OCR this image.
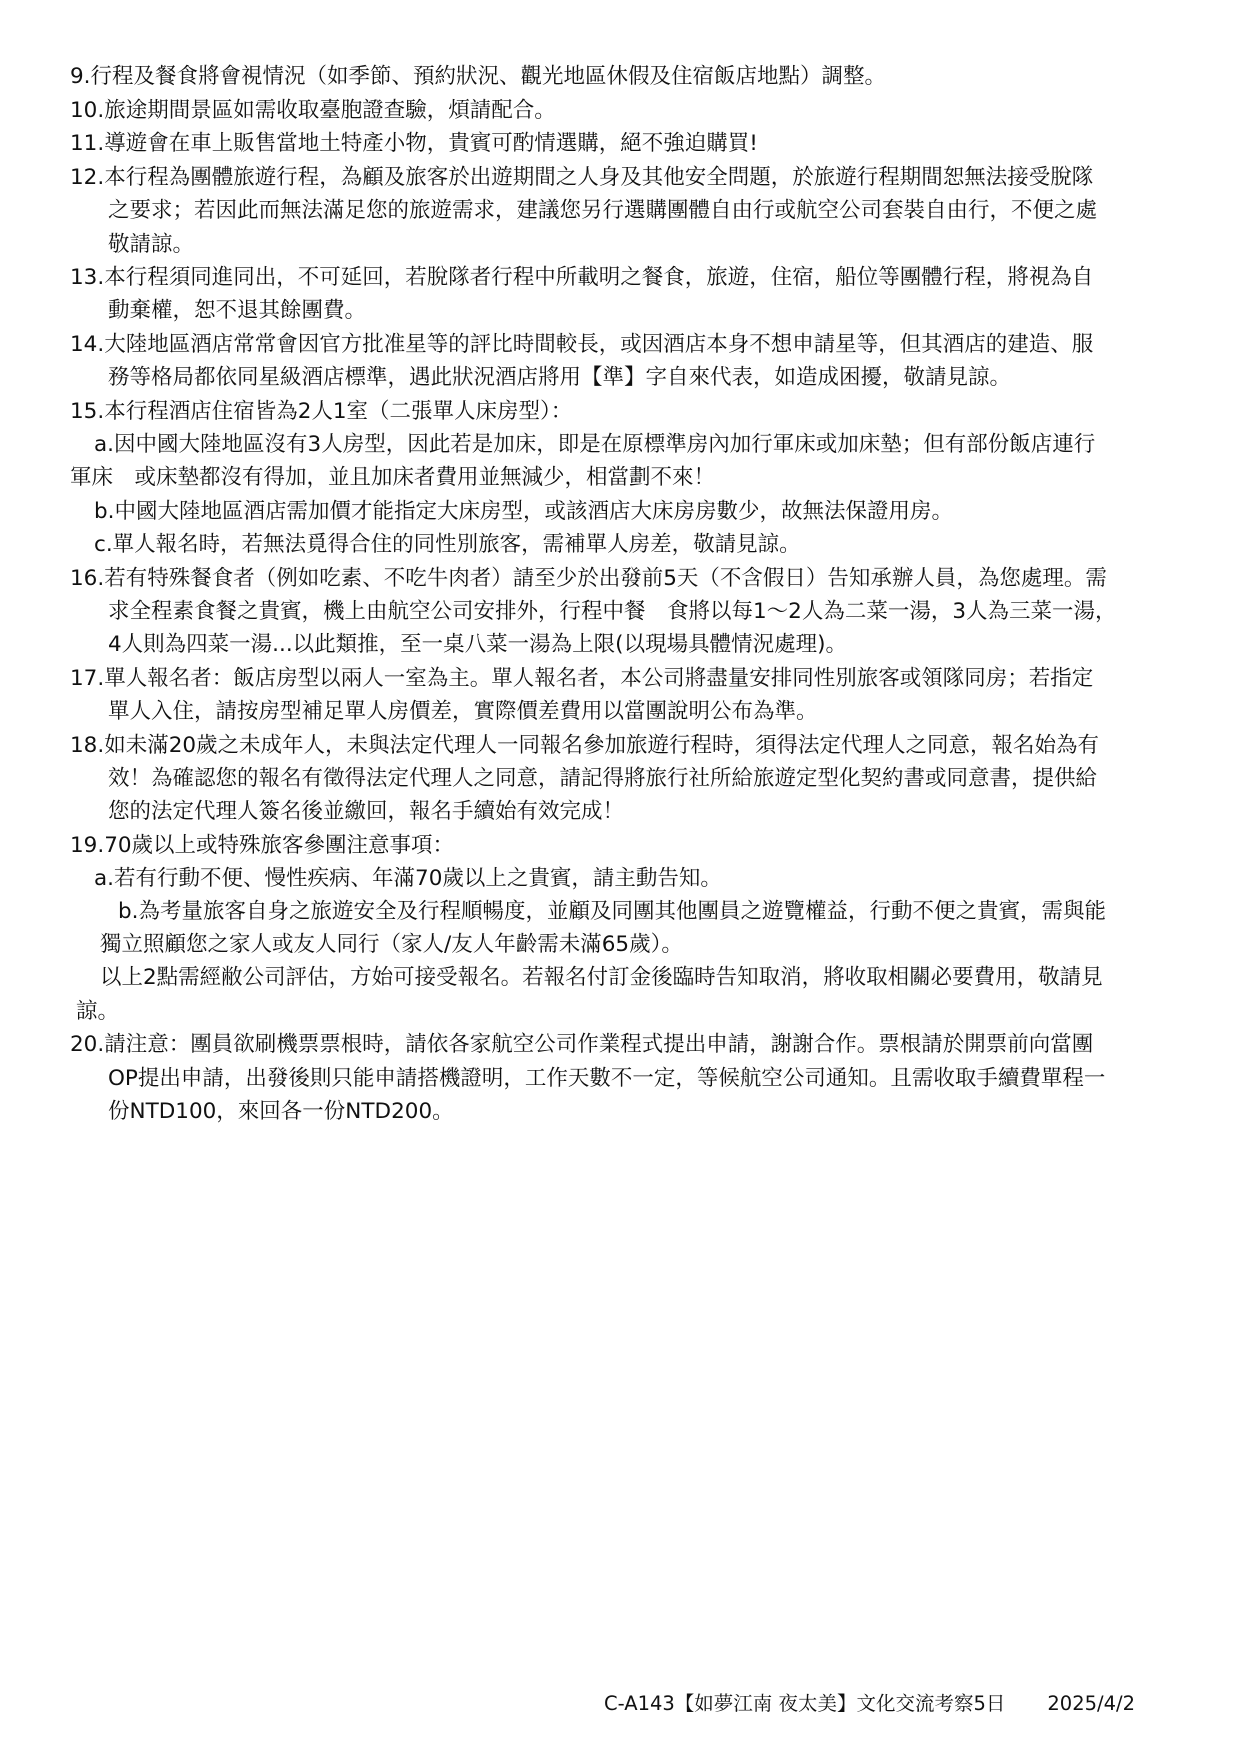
9.行程及餐食將會視情況（如季節、預約狀況、觀光地區休假及住宿飯店地點）調整。
10.旅途期間景區如需收取臺胞證查驗，煩請配合。
11.導遊會在車上販售當地土特產小物，貴賓可酌情選購，絕不強迫購買!
12.本行程為團體旅遊行程，為顧及旅客於出遊期間之人身及其他安全問題，於旅遊行程期間恕無法接受脫隊
之要求；若因此而無法滿足您的旅遊需求，建議您另行選購團體自由行或航空公司套裝自由行，不便之處
敬請諒。
13.本行程須同進同出，不可延回，若脫隊者行程中所載明之餐食，旅遊，住宿，船位等團體行程，將視為自
動棄權，恕不退其餘團費。
14.大陸地區酒店常常會因官方批准星等的評比時間較長，或因酒店本身不想申請星等，但其酒店的建造、服
務等格局都依同星級酒店標準，遇此狀況酒店將用【準】字自來代表，如造成困擾，敬請見諒。
15.本行程酒店住宿皆為2人1室（二張單人床房型）：
a.因中國大陸地區沒有3人房型，因此若是加床，即是在原標準房內加行軍床或加床墊；但有部份飯店連行
軍床　或床墊都沒有得加，並且加床者費用並無減少，相當劃不來！
b.中國大陸地區酒店需加價才能指定大床房型，或該酒店大床房房數少，故無法保證用房。
c.單人報名時，若無法覓得合住的同性別旅客，需補單人房差，敬請見諒。
16.若有特殊餐食者（例如吃素、不吃牛肉者）請至少於出發前5天（不含假日）告知承辦人員，為您處理。需
求全程素食餐之貴賓，機上由航空公司安排外，行程中餐　食將以每1～2人為二菜一湯，3人為三菜一湯，
4人則為四菜一湯...以此類推，至一桌八菜一湯為上限(以現場具體情況處理)。
17.單人報名者：飯店房型以兩人一室為主。單人報名者，本公司將盡量安排同性別旅客或領隊同房；若指定
單人入住，請按房型補足單人房價差，實際價差費用以當團說明公布為準。
18.如未滿20歲之未成年人，未與法定代理人一同報名參加旅遊行程時，須得法定代理人之同意，報名始為有
效！為確認您的報名有徵得法定代理人之同意，請記得將旅行社所給旅遊定型化契約書或同意書，提供給
您的法定代理人簽名後並繳回，報名手續始有效完成！
19.70歲以上或特殊旅客參團注意事項：
a.若有行動不便、慢性疾病、年滿70歲以上之貴賓，請主動告知。
b.為考量旅客自身之旅遊安全及行程順暢度，並顧及同團其他團員之遊覽權益，行動不便之貴賓，需與能
獨立照顧您之家人或友人同行（家人/友人年齡需未滿65歲）。
以上2點需經敝公司評估，方始可接受報名。若報名付訂金後臨時告知取消，將收取相關必要費用，敬請見
諒。
20.請注意：團員欲刷機票票根時，請依各家航空公司作業程式提出申請，謝謝合作。票根請於開票前向當團
OP提出申請，出發後則只能申請搭機證明，工作天數不一定，等候航空公司通知。且需收取手續費單程一
份NTD100，來回各一份NTD200。
C-A143【如夢江南 夜太美】文化交流考察5日 2025/4/2
